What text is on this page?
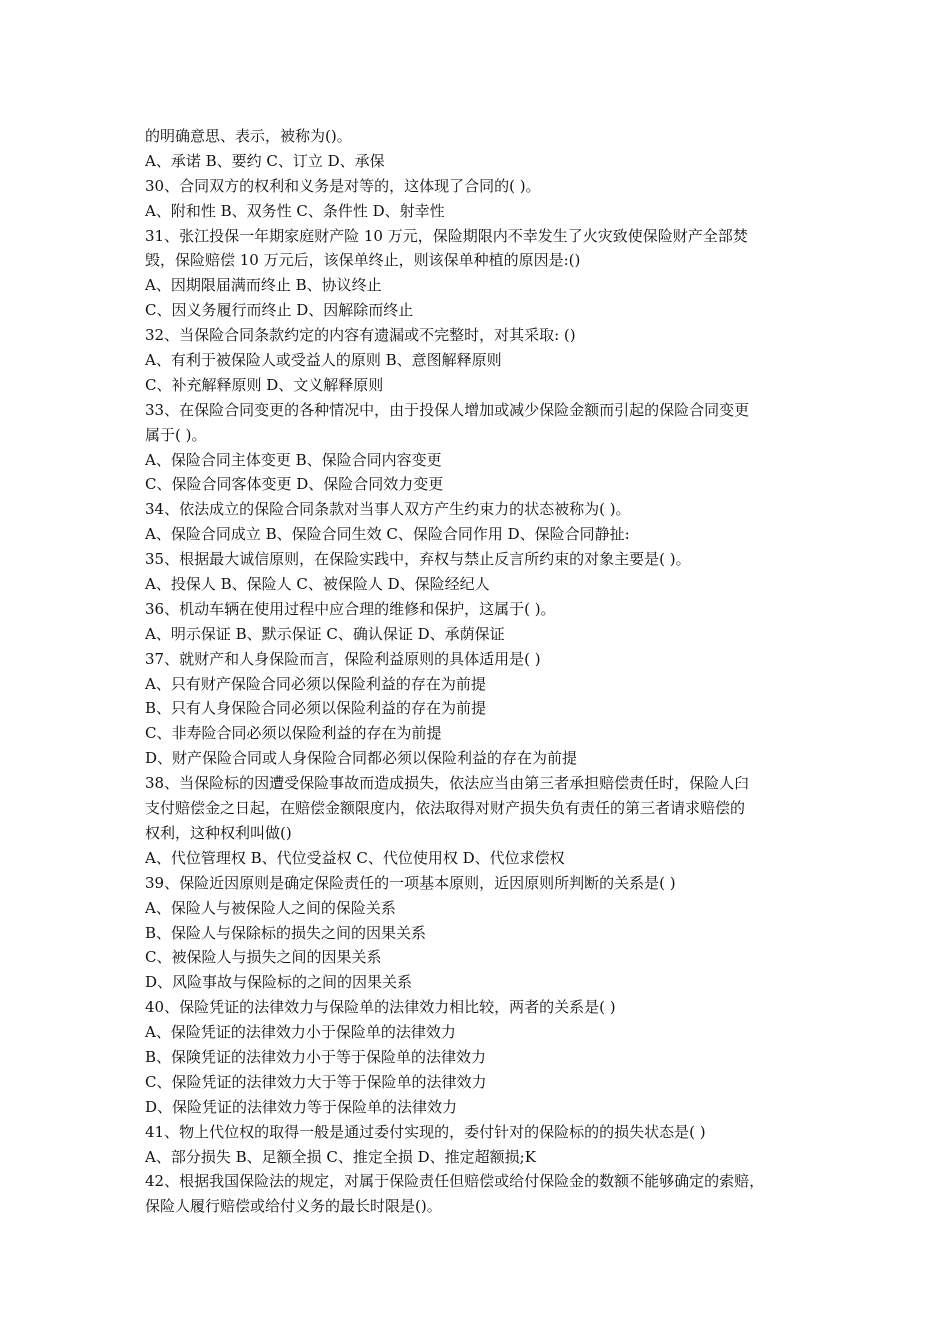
的明确意思、表示，被称为()。
A、承诺 B、要约 C、订立 D、承保
30、合同双方的权利和义务是对等的，这体现了合同的( )。
A、附和性 B、双务性 C、条件性 D、射幸性
31、张江投保一年期家庭财产险 10 万元，保险期限内不幸发生了火灾致使保险财产全部焚
毁，保险赔偿 10 万元后，该保单终止，则该保单种植的原因是:()
A、因期限届满而终止 B、协议终止
C、因义务履行而终止 D、因解除而终止
32、当保险合同条款约定的内容有遗漏或不完整时，对其采取: ()
A、有利于被保险人或受益人的原则 B、意图解释原则
C、补充解释原则 D、文义解释原则
33、在保险合同变更的各种情况中，由于投保人增加或减少保险金额而引起的保险合同变更
属于( )。
A、保险合同主体变更 B、保险合同内容变更
C、保险合同客体变更 D、保险合同效力变更
34、依法成立的保险合同条款对当事人双方产生约束力的状态被称为( )。
A、保险合同成立 B、保险合同生效 C、保险合同作用 D、保险合同静扯:
35、根据最大诚信原则，在保险实践中，弃权与禁止反言所约束的对象主要是( )。
A、投保人 B、保险人 C、被保险人 D、保险经纪人
36、机动车辆在使用过程中应合理的维修和保护，这属于( )。
A、明示保证 B、默示保证 C、确认保证 D、承荫保证
37、就财产和人身保险而言，保险利益原则的具体适用是( )
A、只有财产保险合同必须以保险利益的存在为前提
B、只有人身保险合同必须以保险利益的存在为前提
C、非寿险合同必须以保险利益的存在为前提
D、财产保险合同或人身保险合同都必须以保险利益的存在为前提
38、当保险标的因遭受保险事故而造成损失，依法应当由第三者承担赔偿责任时，保险人臼
支付赔偿金之日起，在赔偿金额限度内，依法取得对财产损失负有责任的第三者请求赔偿的
权利，这种权利叫做()
A、代位管理权 B、代位受益权 C、代位使用权 D、代位求偿权
39、保险近因原则是确定保险责任的一项基本原则，近因原则所判断的关系是( )
A、保险人与被保险人之间的保险关系
B、保险人与保除标的损失之间的因果关系
C、被保险人与损失之间的因果关系
D、风险事故与保险标的之间的因果关系
40、保险凭证的法律效力与保险单的法律效力相比较，两者的关系是( )
A、保险凭证的法律效力小于保险单的法律效力
B、保険凭证的法律效力小于等于保险单的法律效力
C、保险凭证的法律效力大于等于保险单的法律效力
D、保险凭证的法律效力等于保险单的法律效力
41、物上代位权的取得一般是通过委付实现的，委付针对的保险标的的损失状态是( )
A、部分损失 B、足额全损 C、推定全损 D、推定超额损;K
42、根据我国保险法的规定，对属于保险责任但赔偿或给付保险金的数额不能够确定的索赔，
保险人履行赔偿或给付义务的最长时限是()。
